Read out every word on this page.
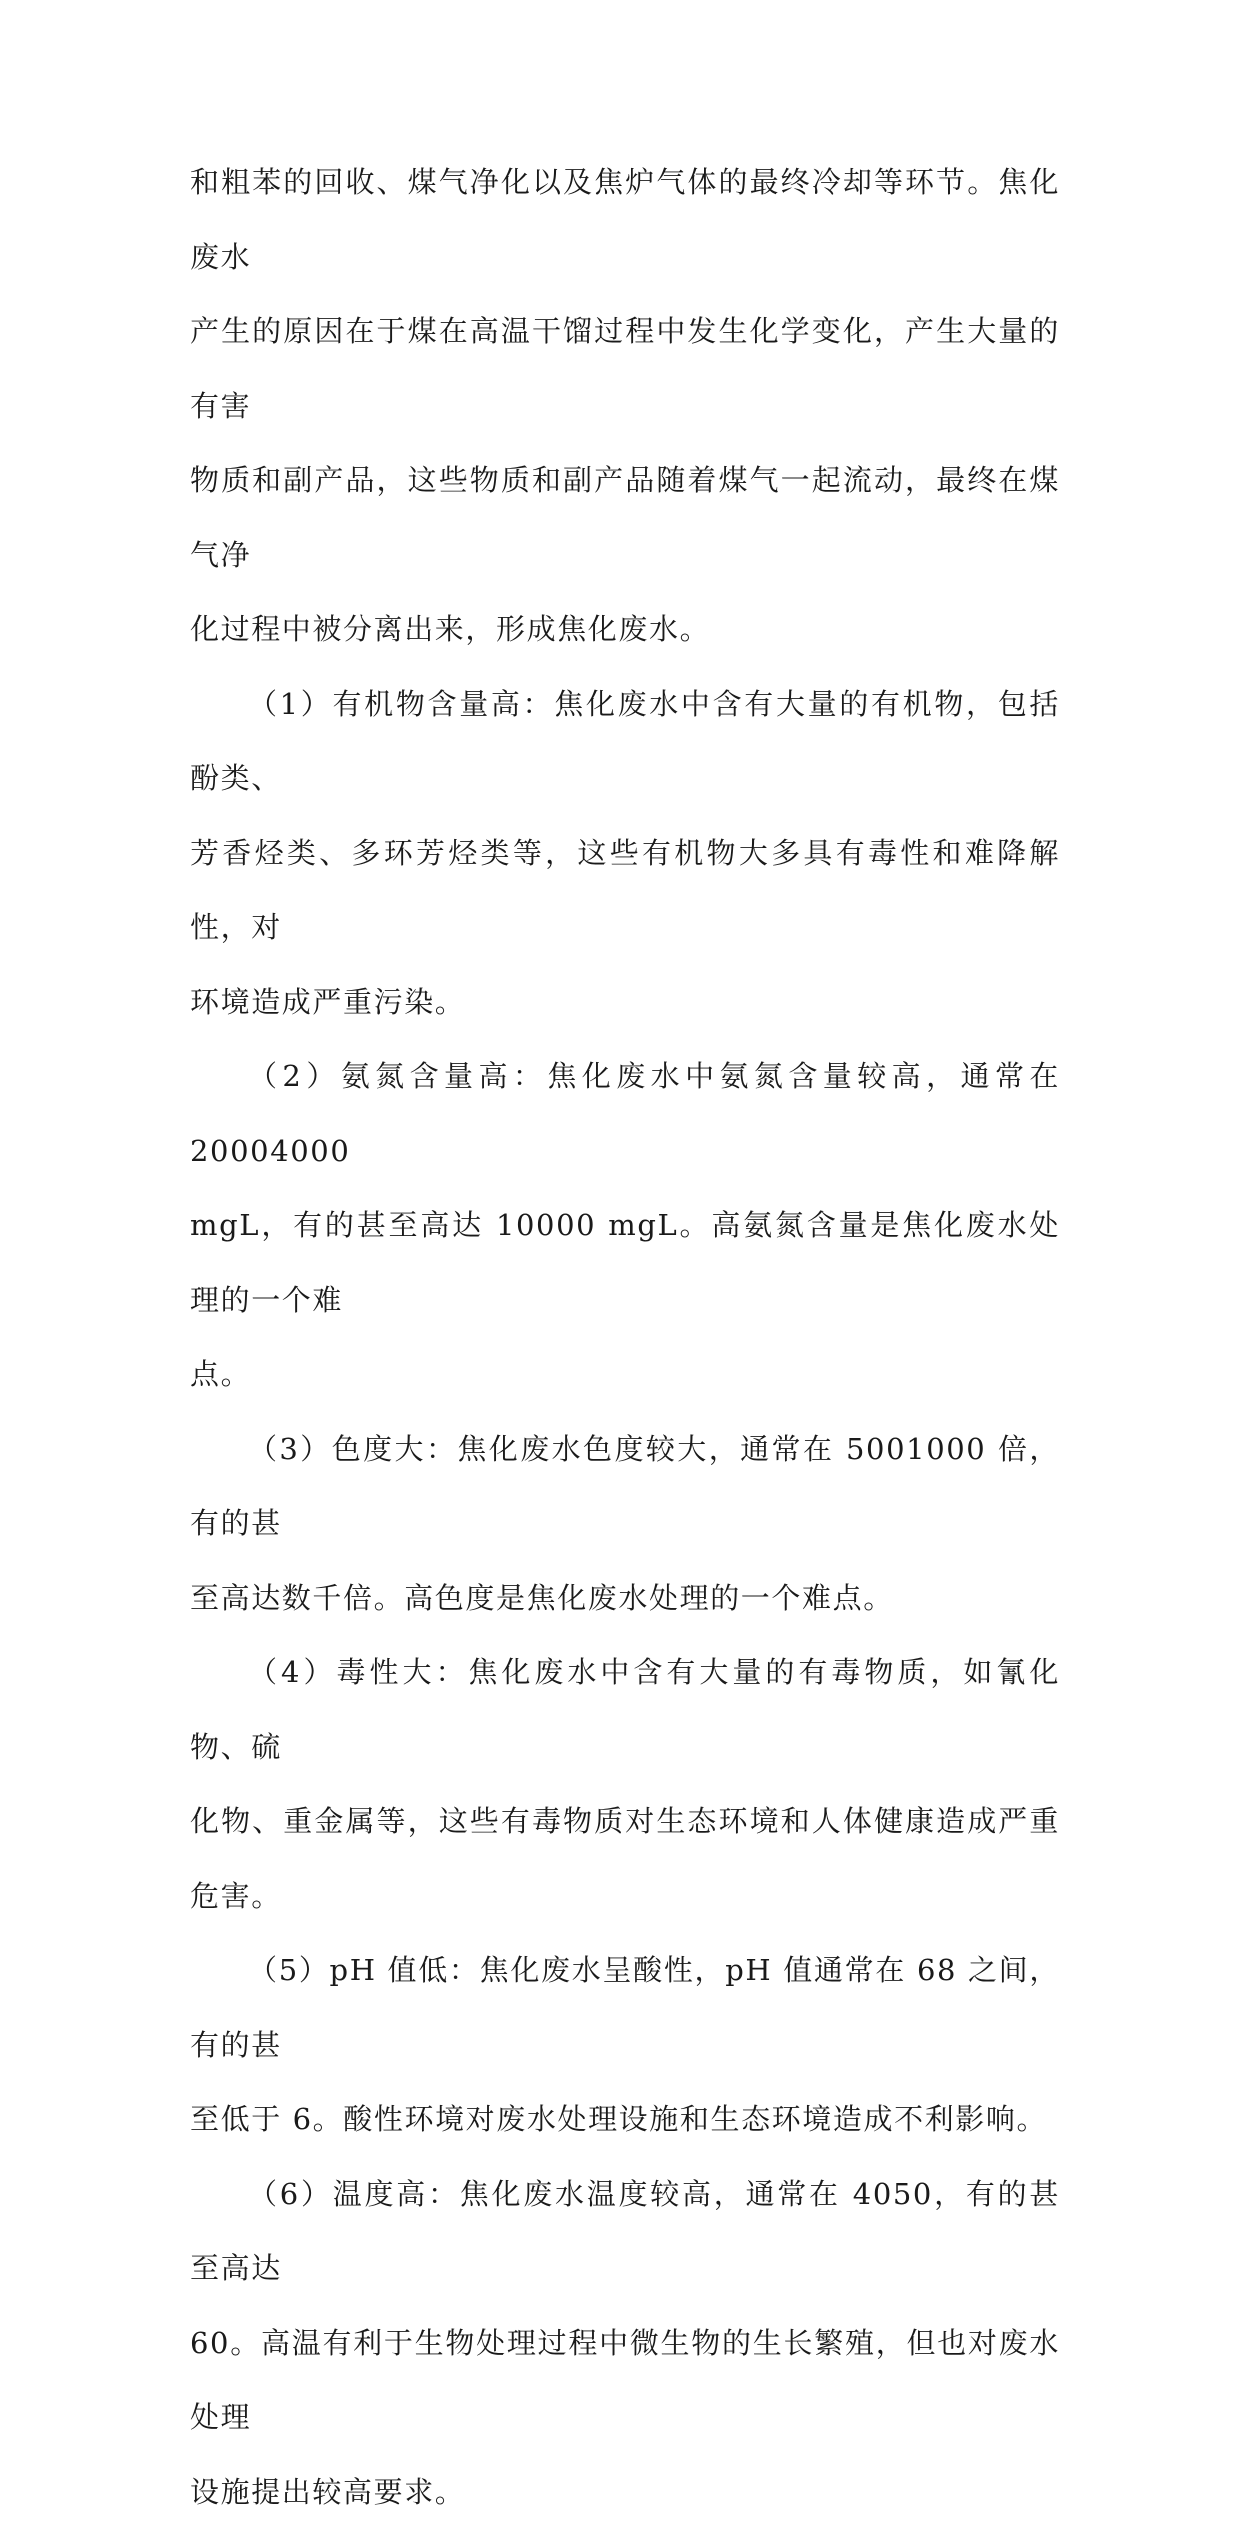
和粗苯的回收、煤气净化以及焦炉气体的最终冷却等环节。焦化废水
产生的原因在于煤在高温干馏过程中发生化学变化，产生大量的有害
物质和副产品，这些物质和副产品随着煤气一起流动，最终在煤气净
化过程中被分离出来，形成焦化废水。

（1）有机物含量高：焦化废水中含有大量的有机物，包括酚类、
芳香烃类、多环芳烃类等，这些有机物大多具有毒性和难降解性，对
环境造成严重污染。

（2）氨氮含量高：焦化废水中氨氮含量较高，通常在 20004000
mgL，有的甚至高达 10000 mgL。高氨氮含量是焦化废水处理的一个难
点。

（3）色度大：焦化废水色度较大，通常在 5001000 倍，有的甚
至高达数千倍。高色度是焦化废水处理的一个难点。

（4）毒性大：焦化废水中含有大量的有毒物质，如氰化物、硫
化物、重金属等，这些有毒物质对生态环境和人体健康造成严重危害。

（5）pH 值低：焦化废水呈酸性，pH 值通常在 68 之间，有的甚
至低于 6。酸性环境对废水处理设施和生态环境造成不利影响。

（6）温度高：焦化废水温度较高，通常在 4050，有的甚至高达
60。高温有利于生物处理过程中微生物的生长繁殖，但也对废水处理
设施提出较高要求。
